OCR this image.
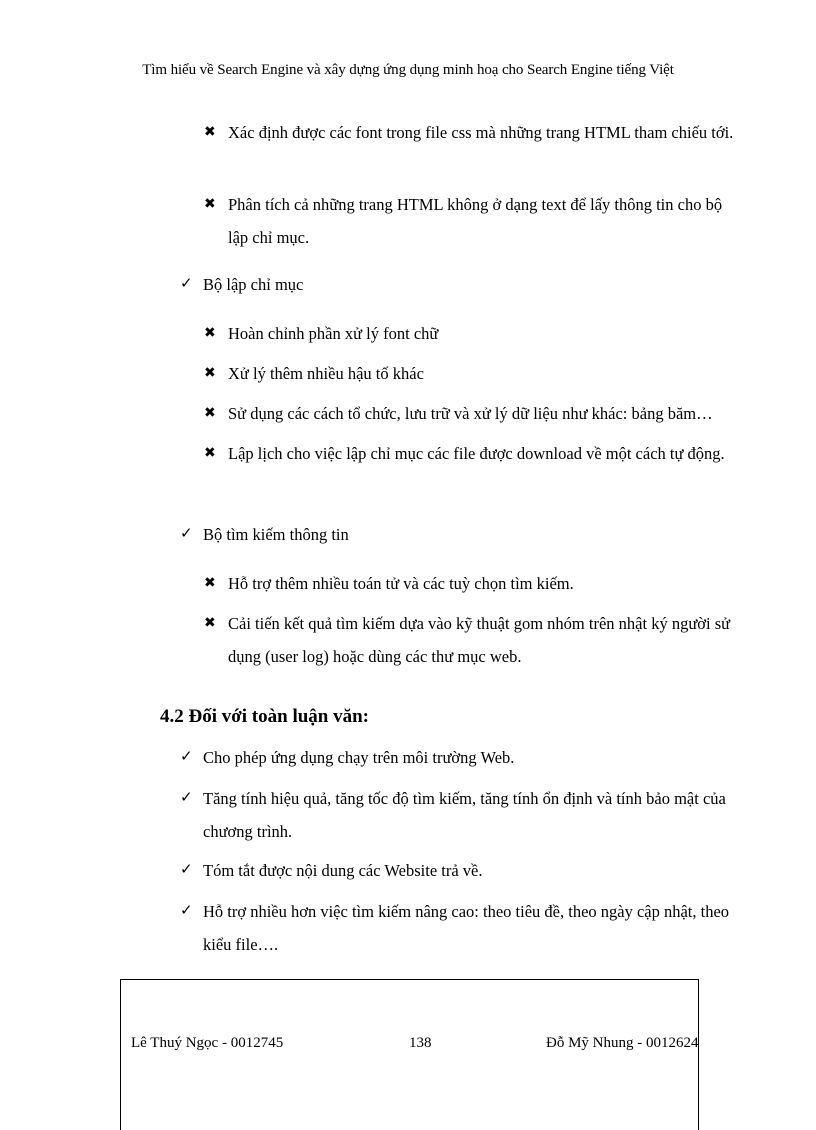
Tìm hiểu về Search Engine và xây dựng ứng dụng minh hoạ cho Search Engine tiếng Việt
✖ Xác định được các font trong file css mà những trang HTML tham chiếu tới.

✖ Phân tích cả những trang HTML không ở dạng text để lấy thông tin cho bộ lập chỉ mục.

✓ Bộ lập chỉ mục

✖ Hoàn chỉnh phần xử lý font chữ

✖ Xử lý thêm nhiều hậu tố khác

✖ Sử dụng các cách tổ chức, lưu trữ và xử lý dữ liệu như khác: bảng băm…

✖ Lập lịch cho việc lập chỉ mục các file được download về một cách tự động.

✓ Bộ tìm kiếm thông tin

✖ Hỗ trợ thêm nhiều toán tử và các tuỳ chọn tìm kiếm.

✖ Cải tiến kết quả tìm kiếm dựa vào kỹ thuật gom nhóm trên nhật ký người sử dụng (user log) hoặc dùng các thư mục web.

4.2 Đối với toàn luận văn:
✓ Cho phép ứng dụng chạy trên môi trường Web.

✓ Tăng tính hiệu quả, tăng tốc độ tìm kiếm, tăng tính ổn định và tính bảo mật của chương trình.

✓ Tóm tắt được nội dung các Website trả về.

✓ Hỗ trợ nhiều hơn việc tìm kiếm nâng cao: theo tiêu đề, theo ngày cập nhật, theo kiểu file….

Lê Thuý Ngọc - 0012745	138	Đỗ Mỹ Nhung - 0012624
